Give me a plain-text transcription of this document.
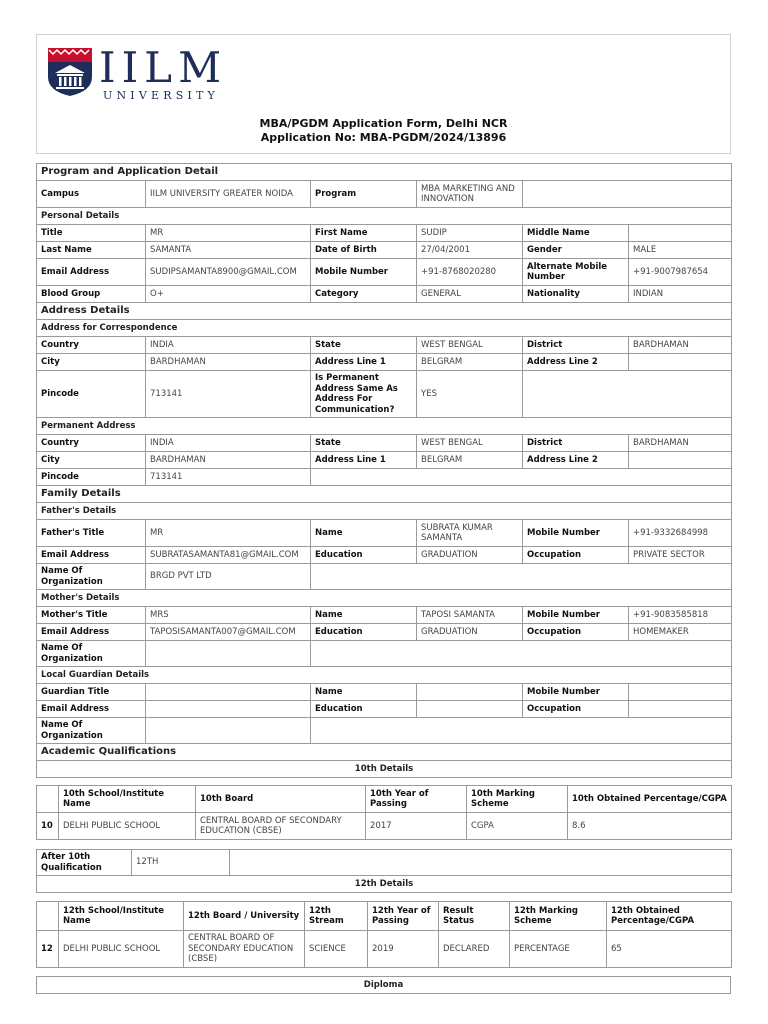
IILM
UNIVERSITY
MBA/PGDM Application Form, Delhi NCR
Application No: MBA-PGDM/2024/13896
Program and Application Detail					
Campus	IILM UNIVERSITY GREATER NOIDA	Program	MBA MARKETING AND INNOVATION		
Personal Details					
Title	MR	First Name	SUDIP	Middle Name	
Last Name	SAMANTA	Date of Birth	27/04/2001	Gender	MALE
Email Address	SUDIPSAMANTA8900@GMAIL.COM	Mobile Number	+91-8768020280	Alternate Mobile Number	+91-9007987654
Blood Group	O+	Category	GENERAL	Nationality	INDIAN
Address Details					
Address for Correspondence					
Country	INDIA	State	WEST BENGAL	District	BARDHAMAN
City	BARDHAMAN	Address Line 1	BELGRAM	Address Line 2	
Pincode	713141	Is Permanent Address Same As Address For Communication?	YES		
Permanent Address					
Country	INDIA	State	WEST BENGAL	District	BARDHAMAN
City	BARDHAMAN	Address Line 1	BELGRAM	Address Line 2	
Pincode	713141				
Family Details					
Father's Details					
Father's Title	MR	Name	SUBRATA KUMAR SAMANTA	Mobile Number	+91-9332684998
Email Address	SUBRATASAMANTA81@GMAIL.COM	Education	GRADUATION	Occupation	PRIVATE SECTOR
Name Of Organization	BRGD PVT LTD				
Mother's Details					
Mother's Title	MRS	Name	TAPOSI SAMANTA	Mobile Number	+91-9083585818
Email Address	TAPOSISAMANTA007@GMAIL.COM	Education	GRADUATION	Occupation	HOMEMAKER
Name Of Organization					
Local Guardian Details					
Guardian Title		Name		Mobile Number	
Email Address		Education		Occupation	
Name Of Organization					
Academic Qualifications					
10th Details					
	10th School/Institute Name	10th Board	10th Year of Passing	10th Marking Scheme	10th Obtained Percentage/CGPA
10	DELHI PUBLIC SCHOOL	CENTRAL BOARD OF SECONDARY EDUCATION (CBSE)	2017	CGPA	8.6
After 10th Qualification	12TH	
12th Details
	12th School/Institute Name	12th Board / University	12th Stream	12th Year of Passing	Result Status	12th Marking Scheme	12th Obtained Percentage/CGPA
12	DELHI PUBLIC SCHOOL	CENTRAL BOARD OF SECONDARY EDUCATION (CBSE)	SCIENCE	2019	DECLARED	PERCENTAGE	65
Diploma
